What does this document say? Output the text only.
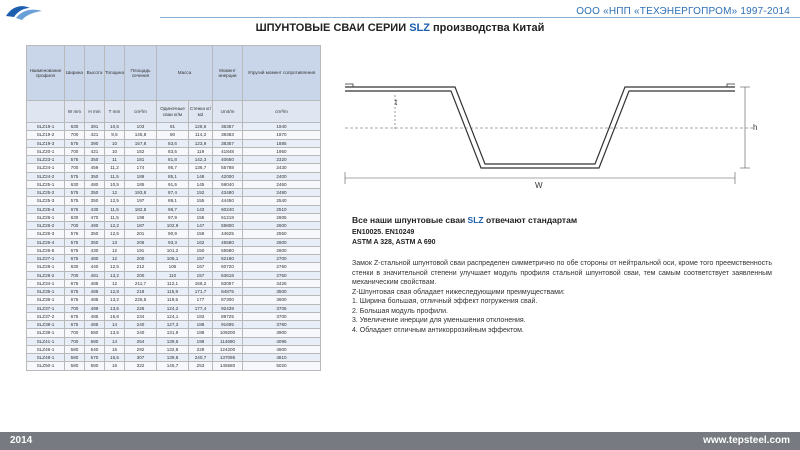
ООО «НПП «ТЕХЭНЕРГОПРОМ» 1997-2014
ШПУНТОВЫЕ СВАИ СЕРИИ SLZ производства Китай
Наименование профиля	Ширина	Высота	Толщина	Площадь сечения	Масса		Момент инерции	Упругий момент сопротивления
	W mm	H mm	T mm	cm²/m	Одиночные сваи кг/м	Стенка кг/м2	cm4/m	cm³/m
SLZ19-1	630	381	10,5	103	81	128,6	36357	1940
SLZ19-2	700	421	9,5	145,8	80	114,3	39383	1870
SLZ19-3	575	390	10	157,8	83,6	123,9	38357	1885
SLZ20-1	700	421	10	152	83,5	119	41848	1950
SLZ23-1	575	350	11	181	81,8	142,3	40650	2320
SLZ24-1	700	459	11,2	174	95,7	136,7	55788	2430
SLZ24-2	575	350	11,5	189	85,1	148	42000	2400
SLZ25-1	630	480	10,5	185	91,5	145	59040	2460
SLZ25-2	575	350	12	193,8	87,4	152	43480	2480
SLZ25-3	575	350	12,5	197	89,1	155	44450	2540
SLZ25-4	675	430	11,5	182,5	96,7	143	60240	2510
SLZ26-1	630	470	11,5	198	97,9	155	61218	2605
SLZ26-2	700	490	12,2	187	102,9	147	59800	2600
SLZ26-3	575	350	12,5	201	90,9	158	44625	2550
SLZ26-4	575	350	13	206	93,3	162	45580	2600
SLZ26-5	675	430	12	191	101,2	150	55580	2600
SLZ27-1	675	480	12	200	106,1	157	62180	2700
SLZ28-1	630	440	12,5	212	105	167	60720	2760
SLZ28-2	700	481	13,2	200	110	157	63618	2760
SLZ34-1	675	485	12	211,7	112,1	166,2	83057	3425
SLZ35-1	675	485	12,8	218	115,9	171,7	84875	3500
SLZ36-1	675	485	13,2	225,5	119,5	177	87300	3600
SLZ37-1	700	499	13,5	226	124,2	177,4	92439	3705
SLZ37-2	675	485	15,8	234	124,1	183	89725	3700
SLZ38-1	675	485	14	240	127,3	188	91695	3780
SLZ39-1	700	580	13,5	240	131,9	188	109200	3900
SLZ41-1	700	580	14	254	139,5	199	114690	4095
SLZ46-1	580	540	15	292	132,8	229	124200	4600
SLZ48-1	580	570	15,5	307	139,8	240,7	137095	4810
SLZ50-1	580	580	16	322	145,7	253	145580	5020
t
h
W
Все наши шпунтовые сваи SLZ отвечают стандартам
EN10025. EN10249
ASTM A 328, ASTM A 690
Замок Z-стальной шпунтовой сваи распределен симметрично по обе стороны от нейтральной оси, кроме того преемственность стенки в значительной степени улучшает модуль профиля стальной шпунтовой сваи, тем самым соответствует заявленным механическим свойствам.
Z-Шпунтовая свая обладает нижеследующими преимуществами:
1. Ширина большая, отличный эффект погружения свай.
2. Большая модуль профили.
3. Увеличение инерции для уменьшения отклонения.
4. Обладает отличным антикоррозийным эффектом.
2014	www.tepsteel.com
